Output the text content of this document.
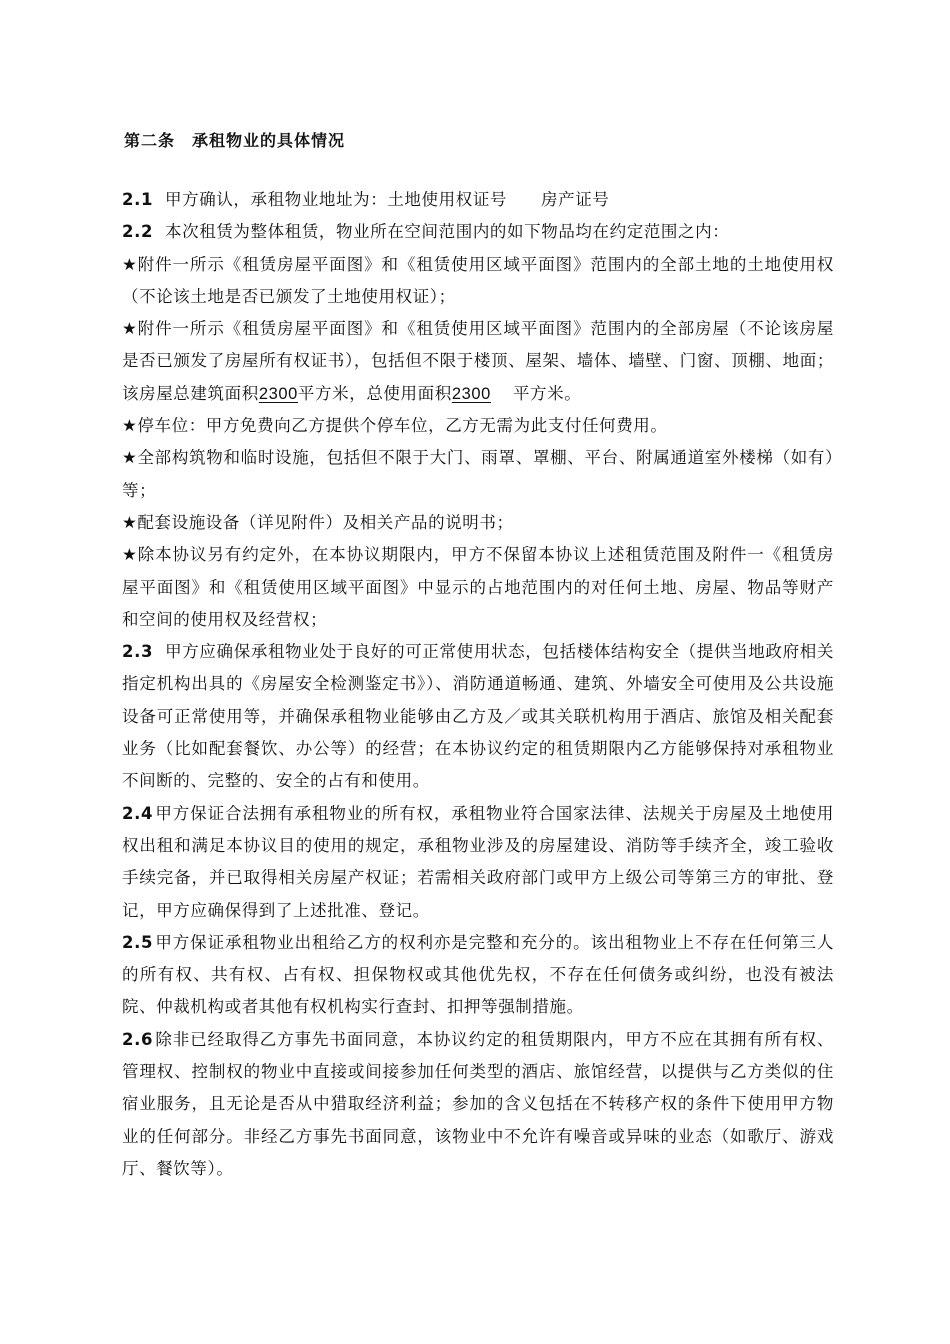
第二条　承租物业的具体情况

2.1 甲方确认，承租物业地址为：土地使用权证号 房产证号

2.2 本次租赁为整体租赁，物业所在空间范围内的如下物品均在约定范围之内：

★附件一所示《租赁房屋平面图》和《租赁使用区域平面图》范围内的全部土地的土地使用权（不论该土地是否已颁发了土地使用权证）；

★附件一所示《租赁房屋平面图》和《租赁使用区域平面图》范围内的全部房屋（不论该房屋是否已颁发了房屋所有权证书），包括但不限于楼顶、屋架、墙体、墙壁、门窗、顶棚、地面；该房屋总建筑面积2300平方米，总使用面积2300 平方米。

★停车位：甲方免费向乙方提供个停车位，乙方无需为此支付任何费用。

★全部构筑物和临时设施，包括但不限于大门、雨罩、罩棚、平台、附属通道室外楼梯（如有）等；

★配套设施设备（详见附件）及相关产品的说明书；

★除本协议另有约定外，在本协议期限内，甲方不保留本协议上述租赁范围及附件一《租赁房屋平面图》和《租赁使用区域平面图》中显示的占地范围内的对任何土地、房屋、物品等财产和空间的使用权及经营权；

2.3 甲方应确保承租物业处于良好的可正常使用状态，包括楼体结构安全（提供当地政府相关指定机构出具的《房屋安全检测鉴定书》）、消防通道畅通、建筑、外墙安全可使用及公共设施设备可正常使用等，并确保承租物业能够由乙方及／或其关联机构用于酒店、旅馆及相关配套业务（比如配套餐饮、办公等）的经营；在本协议约定的租赁期限内乙方能够保持对承租物业不间断的、完整的、安全的占有和使用。

2.4 甲方保证合法拥有承租物业的所有权，承租物业符合国家法律、法规关于房屋及土地使用权出租和满足本协议目的使用的规定，承租物业涉及的房屋建设、消防等手续齐全，竣工验收手续完备，并已取得相关房屋产权证；若需相关政府部门或甲方上级公司等第三方的审批、登记，甲方应确保得到了上述批准、登记。

2.5 甲方保证承租物业出租给乙方的权利亦是完整和充分的。该出租物业上不存在任何第三人的所有权、共有权、占有权、担保物权或其他优先权，不存在任何债务或纠纷，也没有被法院、仲裁机构或者其他有权机构实行查封、扣押等强制措施。

2.6 除非已经取得乙方事先书面同意，本协议约定的租赁期限内，甲方不应在其拥有所有权、管理权、控制权的物业中直接或间接参加任何类型的酒店、旅馆经营，以提供与乙方类似的住宿业服务，且无论是否从中猎取经济利益；参加的含义包括在不转移产权的条件下使用甲方物业的任何部分。非经乙方事先书面同意，该物业中不允许有噪音或异味的业态（如歌厅、游戏厅、餐饮等）。
